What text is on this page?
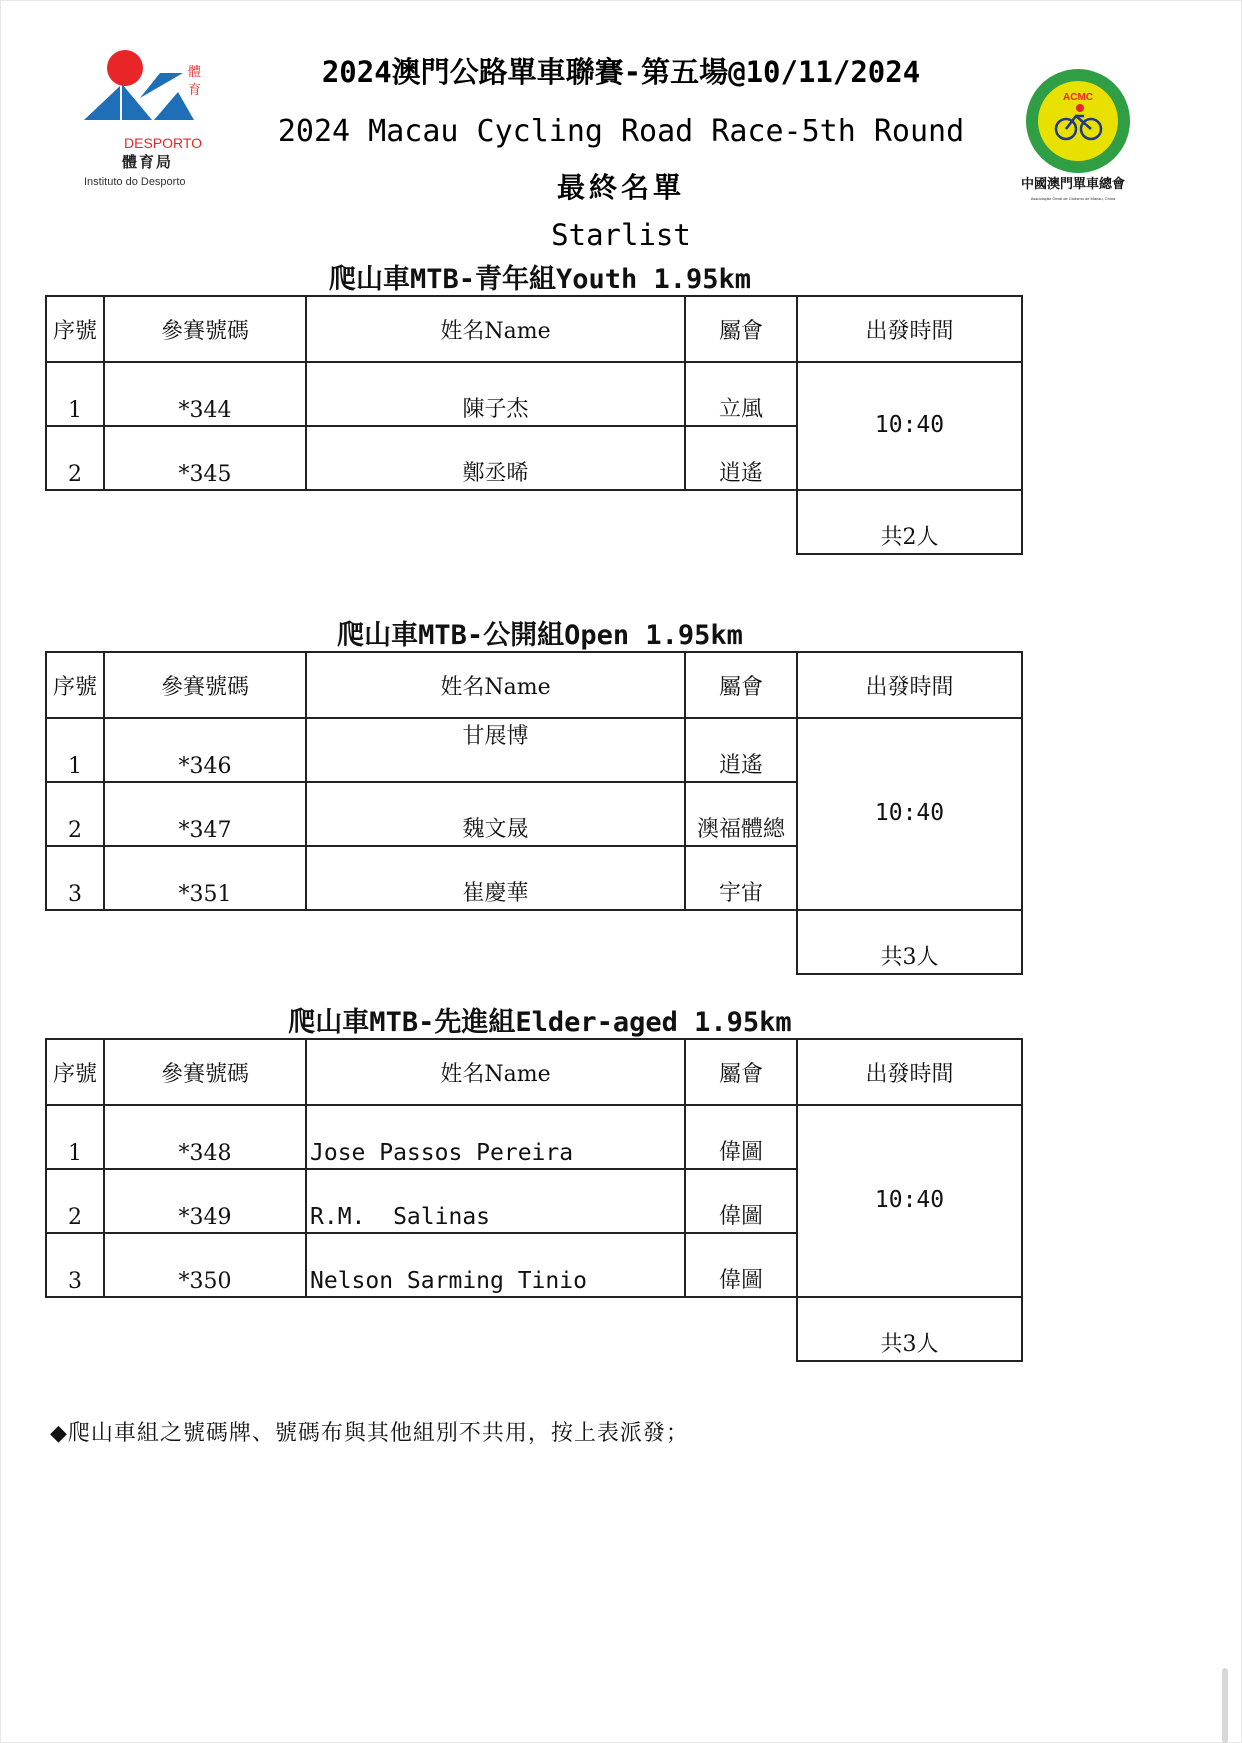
體
育
DESPORTO
體育局
Instituto do Desporto
ACMC
中國澳門單車總會
Associação Geral de Ciclismo de Macau, China
2024澳門公路單車聯賽-第五場@10/11/2024
2024 Macau Cycling Road Race-5th Round
最終名單
Starlist
爬山車MTB-青年組Youth 1.95km
序號	參賽號碼	姓名Name	屬會	出發時間
1	*344	陳子杰	立風	10:40
2	*345	鄭丞晞	逍遙	
				共2人
爬山車MTB-公開組Open 1.95km
序號	參賽號碼	姓名Name	屬會	出發時間
1	*346	甘展博	逍遙	10:40
2	*347	魏文晟	澳福體總	
3	*351	崔慶華	宇宙	
				共3人
爬山車MTB-先進組Elder-aged 1.95km
序號	參賽號碼	姓名Name	屬會	出發時間
1	*348	Jose Passos Pereira	偉圖	10:40
2	*349	R.M.  Salinas	偉圖	
3	*350	Nelson Sarming Tinio	偉圖	
				共3人
◆爬山車組之號碼牌、號碼布與其他組別不共用，按上表派發；
